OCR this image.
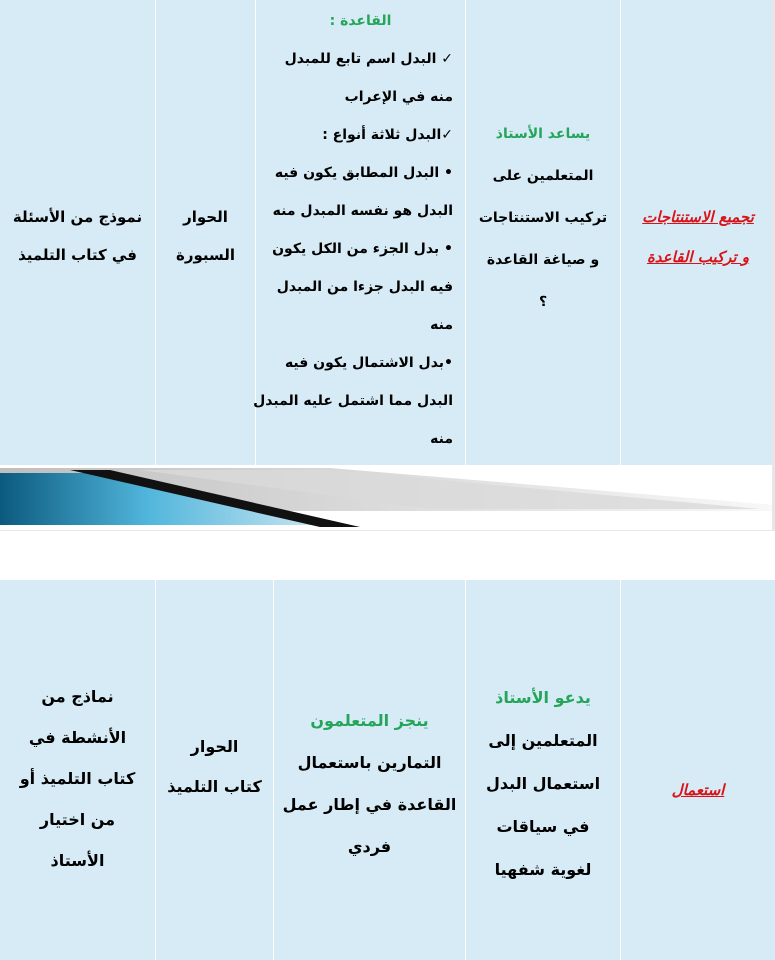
نموذج من الأسئلة
في كتاب التلميذ
الحوار
السبورة
القاعدة :
✓ البدل اسم تابع للمبدل
منه في الإعراب
✓البدل ثلاثة أنواع :
• البدل المطابق يكون فيه
البدل هو نفسه المبدل منه
• بدل الجزء من الكل يكون
فيه البدل جزءا من المبدل
منه
•بدل الاشتمال يكون فيه
البدل مما اشتمل عليه المبدل
منه
يساعد الأستاذ
المتعلمين على
تركيب الاستنتاجات
و صياغة القاعدة
؟
تجميع الاستنتاجات
و تركيب القاعدة
نماذج من
الأنشطة في
كتاب التلميذ أو
من اختيار
الأستاذ
الحوار
كتاب التلميذ
ينجز المتعلمون
التمارين باستعمال
القاعدة في إطار عمل
فردي
يدعو الأستاذ
المتعلمين إلى
استعمال البدل
في سياقات
لغوية شفهيا
استعمال
